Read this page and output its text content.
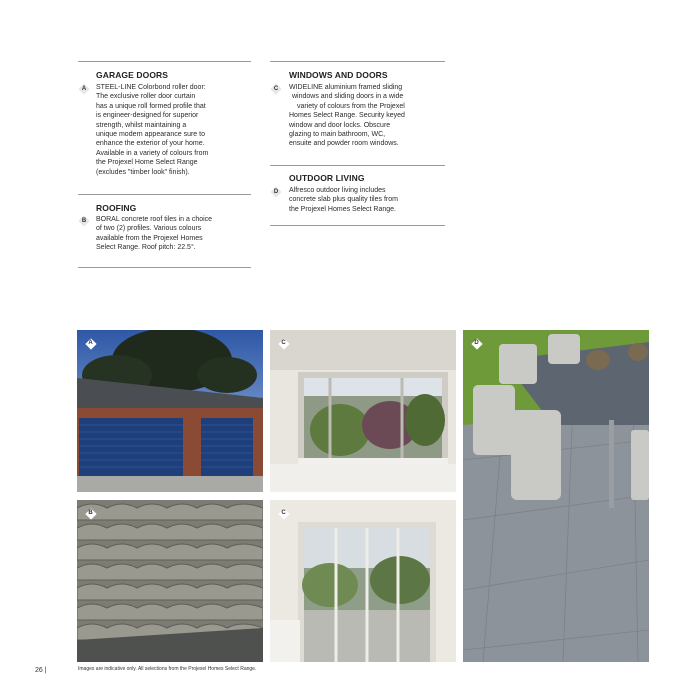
GARAGE DOORS
A	STEEL-LINE Colorbond roller door:
The exclusive roller door curtain
has a unique roll formed profile that
is engineer-designed for superior
strength, whilst maintaining a
unique modern appearance sure to
enhance the exterior of your home.
Available in a variety of colours from
the Projexel Home Select Range
(excludes "timber look" finish).
ROOFING
B	BORAL concrete roof tiles in a choice
of two (2) profiles. Various colours
available from the Projexel Homes
Select Range. Roof pitch: 22.5°.
WINDOWS AND DOORS
C	WIDELINE aluminium framed sliding
windows and sliding doors in a wide
variety of colours from the Projexel
Homes Select Range. Security keyed
window and door locks. Obscure
glazing to main bathroom, WC,
ensuite and powder room windows.
OUTDOOR LIVING
D	Alfresco outdoor living includes
concrete slab plus quality tiles from
the Projexel Homes Select Range.
A	C	D
B	C
26 |	Images are indicative only. All selections from the Projexel Homes Select Range.
